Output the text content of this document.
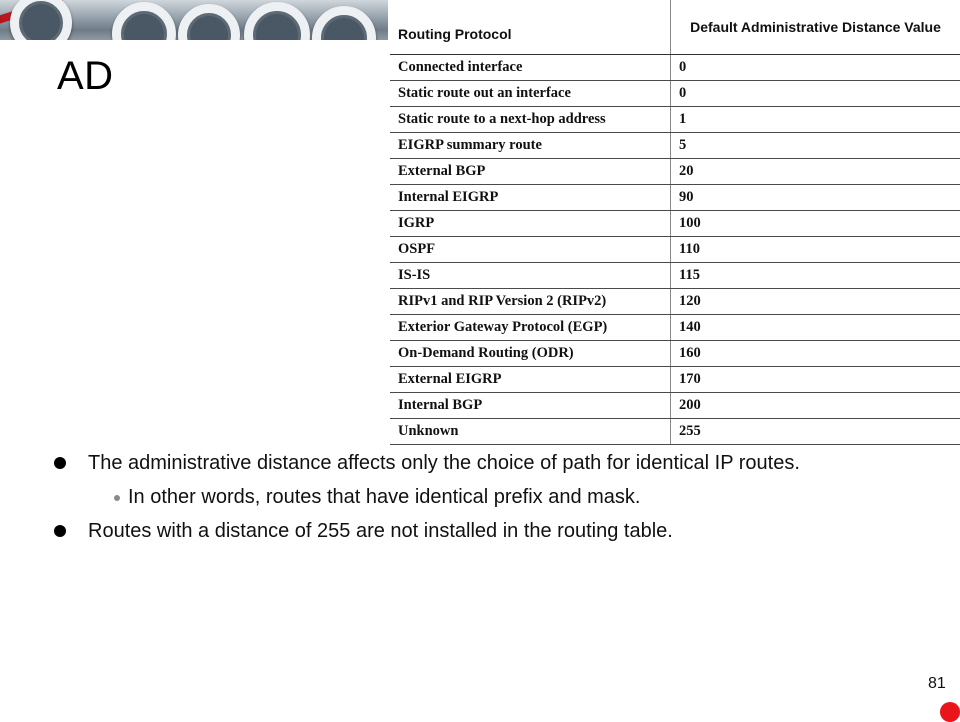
AD
Routing Protocol	Default Administrative Distance Value
Connected interface	0
Static route out an interface	0
Static route to a next-hop address	1
EIGRP summary route	5
External BGP	20
Internal EIGRP	90
IGRP	100
OSPF	110
IS-IS	115
RIPv1 and RIP Version 2 (RIPv2)	120
Exterior Gateway Protocol (EGP)	140
On-Demand Routing (ODR)	160
External EIGRP	170
Internal BGP	200
Unknown	255
The administrative distance affects only the choice of path for identical IP routes.
In other words, routes that have identical prefix and mask.
Routes with a distance of 255 are not installed in the routing table.
81
